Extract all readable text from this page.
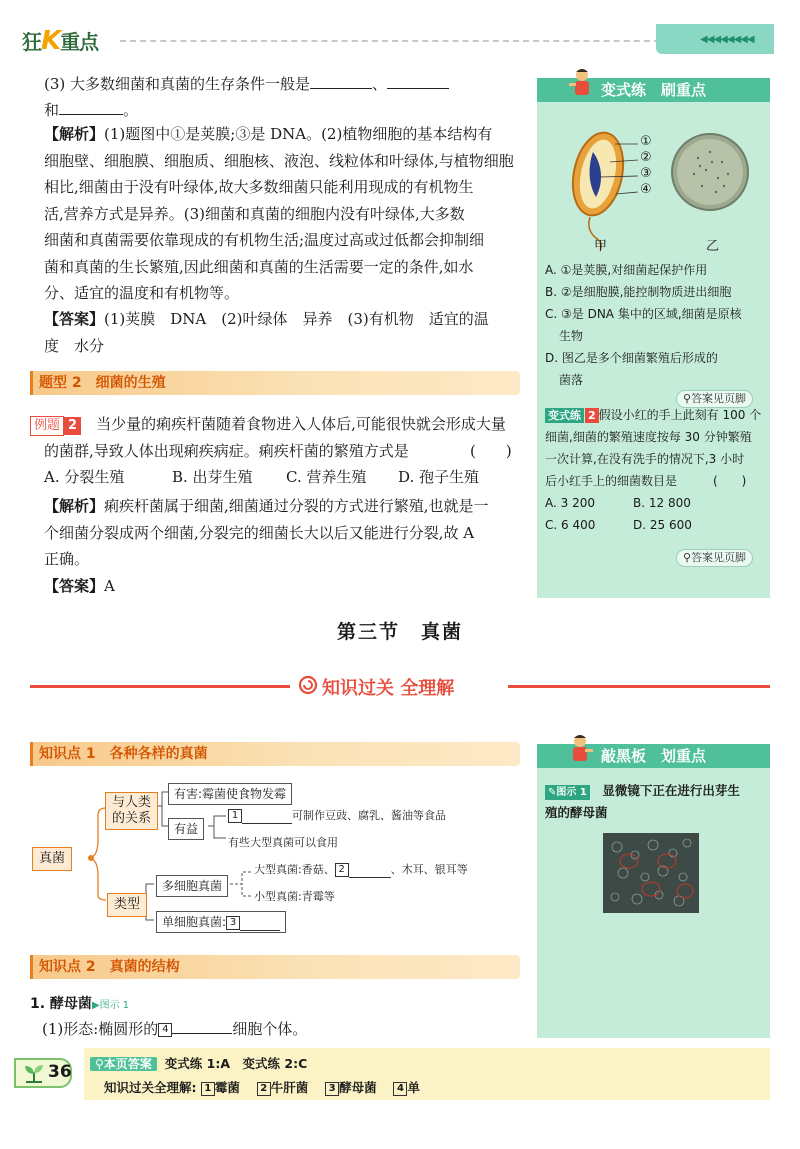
狂K重点	◀◀◀◀◀◀◀◀
(3) 大多数细菌和真菌的生存条件一般是	、
和	。
【解析】(1)题图中①是荚膜;③是 DNA。(2)植物细胞的基本结构有
细胞壁、细胞膜、细胞质、细胞核、液泡、线粒体和叶绿体,与植物细胞
相比,细菌由于没有叶绿体,故大多数细菌只能利用现成的有机物生
活,营养方式是异养。(3)细菌和真菌的细胞内没有叶绿体,大多数
细菌和真菌需要依靠现成的有机物生活;温度过高或过低都会抑制细
菌和真菌的生长繁殖,因此细菌和真菌的生活需要一定的条件,如水
分、适宜的温度和有机物等。
【答案】(1)荚膜　DNA　(2)叶绿体　异养　(3)有机物　适宜的温
度　水分
题型 2　细菌的生殖
例题 2　 当少量的痢疾杆菌随着食物进入人体后,可能很快就会形成大量
的菌群,导致人体出现痢疾病症。痢疾杆菌的繁殖方式是	(　　)
A. 分裂生殖	B. 出芽生殖 C. 营养生殖 D. 孢子生殖
【解析】痢疾杆菌属于细菌,细菌通过分裂的方式进行繁殖,也就是一
个细菌分裂成两个细菌,分裂完的细菌长大以后又能进行分裂,故 A
正确。
【答案】A
变式练　刷重点
①
②
③
④
甲	乙
A. ①是荚膜,对细菌起保护作用
B. ②是细胞膜,能控制物质进出细胞
C. ③是 DNA 集中的区域,细菌是原核
生物
D. 图乙是多个细菌繁殖后形成的
菌落
⚲答案见页脚
变式练 2 假设小红的手上此刻有 100 个
细菌,细菌的繁殖速度按每 30 分钟繁殖
一次计算,在没有洗手的情况下,3 小时
后小红手上的细菌数目是	(　　)
A. 3 200	B. 12 800
C. 6 400	D. 25 600
⚲答案见页脚
第三节　真菌
知识过关 全理解
知识点 1　各种各样的真菌
真菌
与人类
的关系
有害:霉菌使食物发霉
有益
1	可制作豆豉、腐乳、酱油等食品
有些大型真菌可以食用
类型
多细胞真菌
大型真菌:香菇、 2	、木耳、银耳等
小型真菌:青霉等
单细胞真菌: 3
知识点 2　真菌的结构
1. 酵母菌▶图示 1
(1)形态:椭圆形的 4	细胞个体。
敲黑板　划重点
✎图示 1　 显微镜下正在进行出芽生
殖的酵母菌
36	⚲本页答案 变式练 1:A　变式练 2:C
知识过关全理解: 1 霉菌　 2 牛肝菌　 3 酵母菌　 4 单
